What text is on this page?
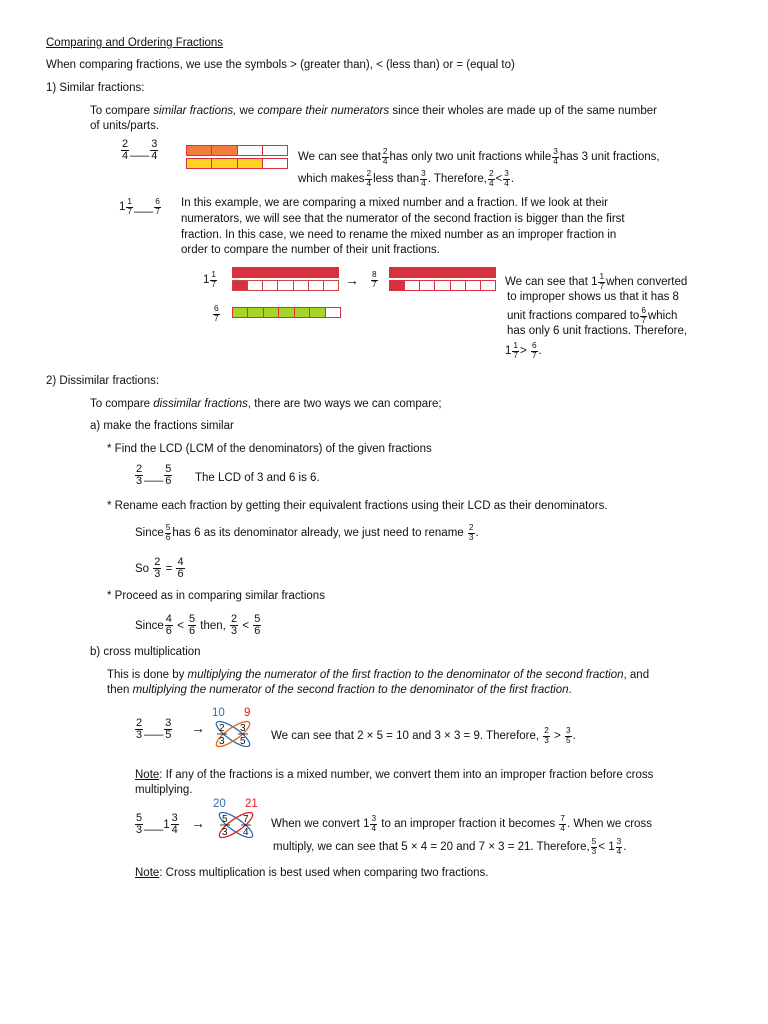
Comparing and Ordering Fractions
When comparing fractions, we use the symbols > (greater than), < (less than) or = (equal to)
1) Similar fractions:
To compare similar fractions, we compare their numerators since their wholes are made up of the same number
of units/parts.
$\frac{2}{4}$ ___ $\frac{3}{4}$	We can see that $\frac{2}{4}$ has only two unit fractions while $\frac{3}{4}$ has 3 unit fractions,
which makes $\frac{2}{4}$ less than $\frac{3}{4}$ . Therefore, $\frac{2}{4} < \frac{3}{4}$ .
$1 \frac{1}{7}$ ___ $\frac{6}{7}$ In this example, we are comparing a mixed number and a fraction. If we look at their
numerators, we will see that the numerator of the second fraction is bigger than the first
fraction. In this case, we need to rename the mixed number as an improper fraction in
order to compare the number of their unit fractions.
$1 \frac{1}{7}$	→ $\frac{8}{7}$
$\frac{6}{7}$
We can see that $1 \frac{1}{7}$ when converted
to improper shows us that it has 8
unit fractions compared to $\frac{6}{7}$ which
has only 6 unit fractions. Therefore,
$1 \frac{1}{7} > \frac{6}{7}$ .
2) Dissimilar fractions:
To compare dissimilar fractions, there are two ways we can compare;
a) make the fractions similar
* Find the LCD (LCM of the denominators) of the given fractions
$\frac{2}{3}$ ___ $\frac{5}{6}$ The LCD of 3 and 6 is 6.
* Rename each fraction by getting their equivalent fractions using their LCD as their denominators.
Since $\frac{5}{6}$ has 6 as its denominator already, we just need to rename $\frac{2}{3}$ .
So $\frac{2}{3} = \frac{4}{6}$
* Proceed as in comparing similar fractions
Since $\frac{4}{6} < \frac{5}{6}$ then, $\frac{2}{3} < \frac{5}{6}$
b) cross multiplication
This is done by multiplying the numerator of the first fraction to the denominator of the second fraction, and
then multiplying the numerator of the second fraction to the denominator of the first fraction.
$\frac{2}{3}$ ___ $\frac{3}{5}$ →
10 9
2
3
3
5 We can see that 2 × 5 = 10 and 3 × 3 = 9. Therefore, $\frac{2}{3} > \frac{3}{5}$ .
Note: If any of the fractions is a mixed number, we convert them into an improper fraction before cross
multiplying.
$\frac{5}{3}$ ___1 $\frac{3}{4}$ →
20 21
5
3
7
4
When we convert $1 \frac{3}{4}$ to an improper fraction it becomes $\frac{7}{4}$ . When we cross
multiply, we can see that 5 × 4 = 20 and 7 × 3 = 21. Therefore, $\frac{5}{3} < 1 \frac{3}{4}$ .
Note: Cross multiplication is best used when comparing two fractions.
